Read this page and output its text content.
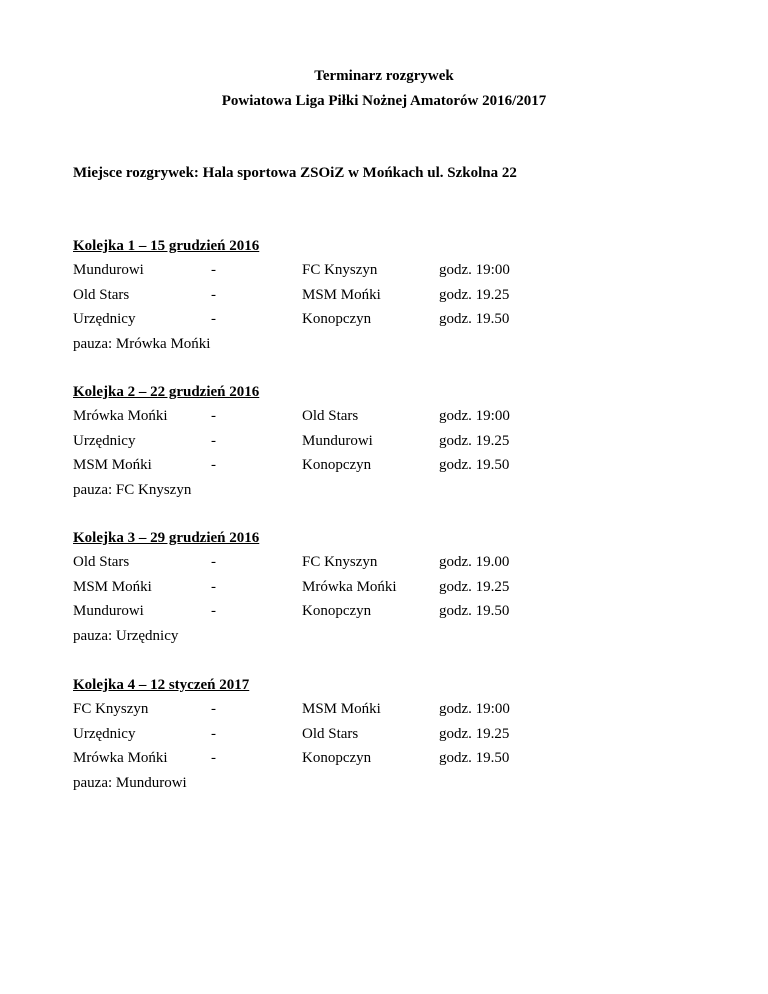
Terminarz rozgrywek
Powiatowa Liga Piłki Nożnej Amatorów 2016/2017
Miejsce rozgrywek: Hala sportowa ZSOiZ w Mońkach ul. Szkolna 22
Kolejka 1 – 15 grudzień 2016
Mundurowi	-	FC Knyszyn	godz. 19:00
Old Stars	-	MSM Mońki	godz. 19.25
Urzędnicy	-	Konopczyn	godz. 19.50
pauza: Mrówka Mońki
Kolejka 2 – 22 grudzień 2016
Mrówka Mońki	-	Old Stars	godz. 19:00
Urzędnicy	-	Mundurowi	godz. 19.25
MSM Mońki	-	Konopczyn	godz. 19.50
pauza: FC Knyszyn
Kolejka 3 – 29 grudzień 2016
Old Stars	-	FC Knyszyn	godz. 19.00
MSM Mońki	-	Mrówka Mońki	godz. 19.25
Mundurowi	-	Konopczyn	godz. 19.50
pauza: Urzędnicy
Kolejka 4 – 12 styczeń 2017
FC Knyszyn	-	MSM Mońki	godz. 19:00
Urzędnicy	-	Old Stars	godz. 19.25
Mrówka Mońki	-	Konopczyn	godz. 19.50
pauza: Mundurowi
